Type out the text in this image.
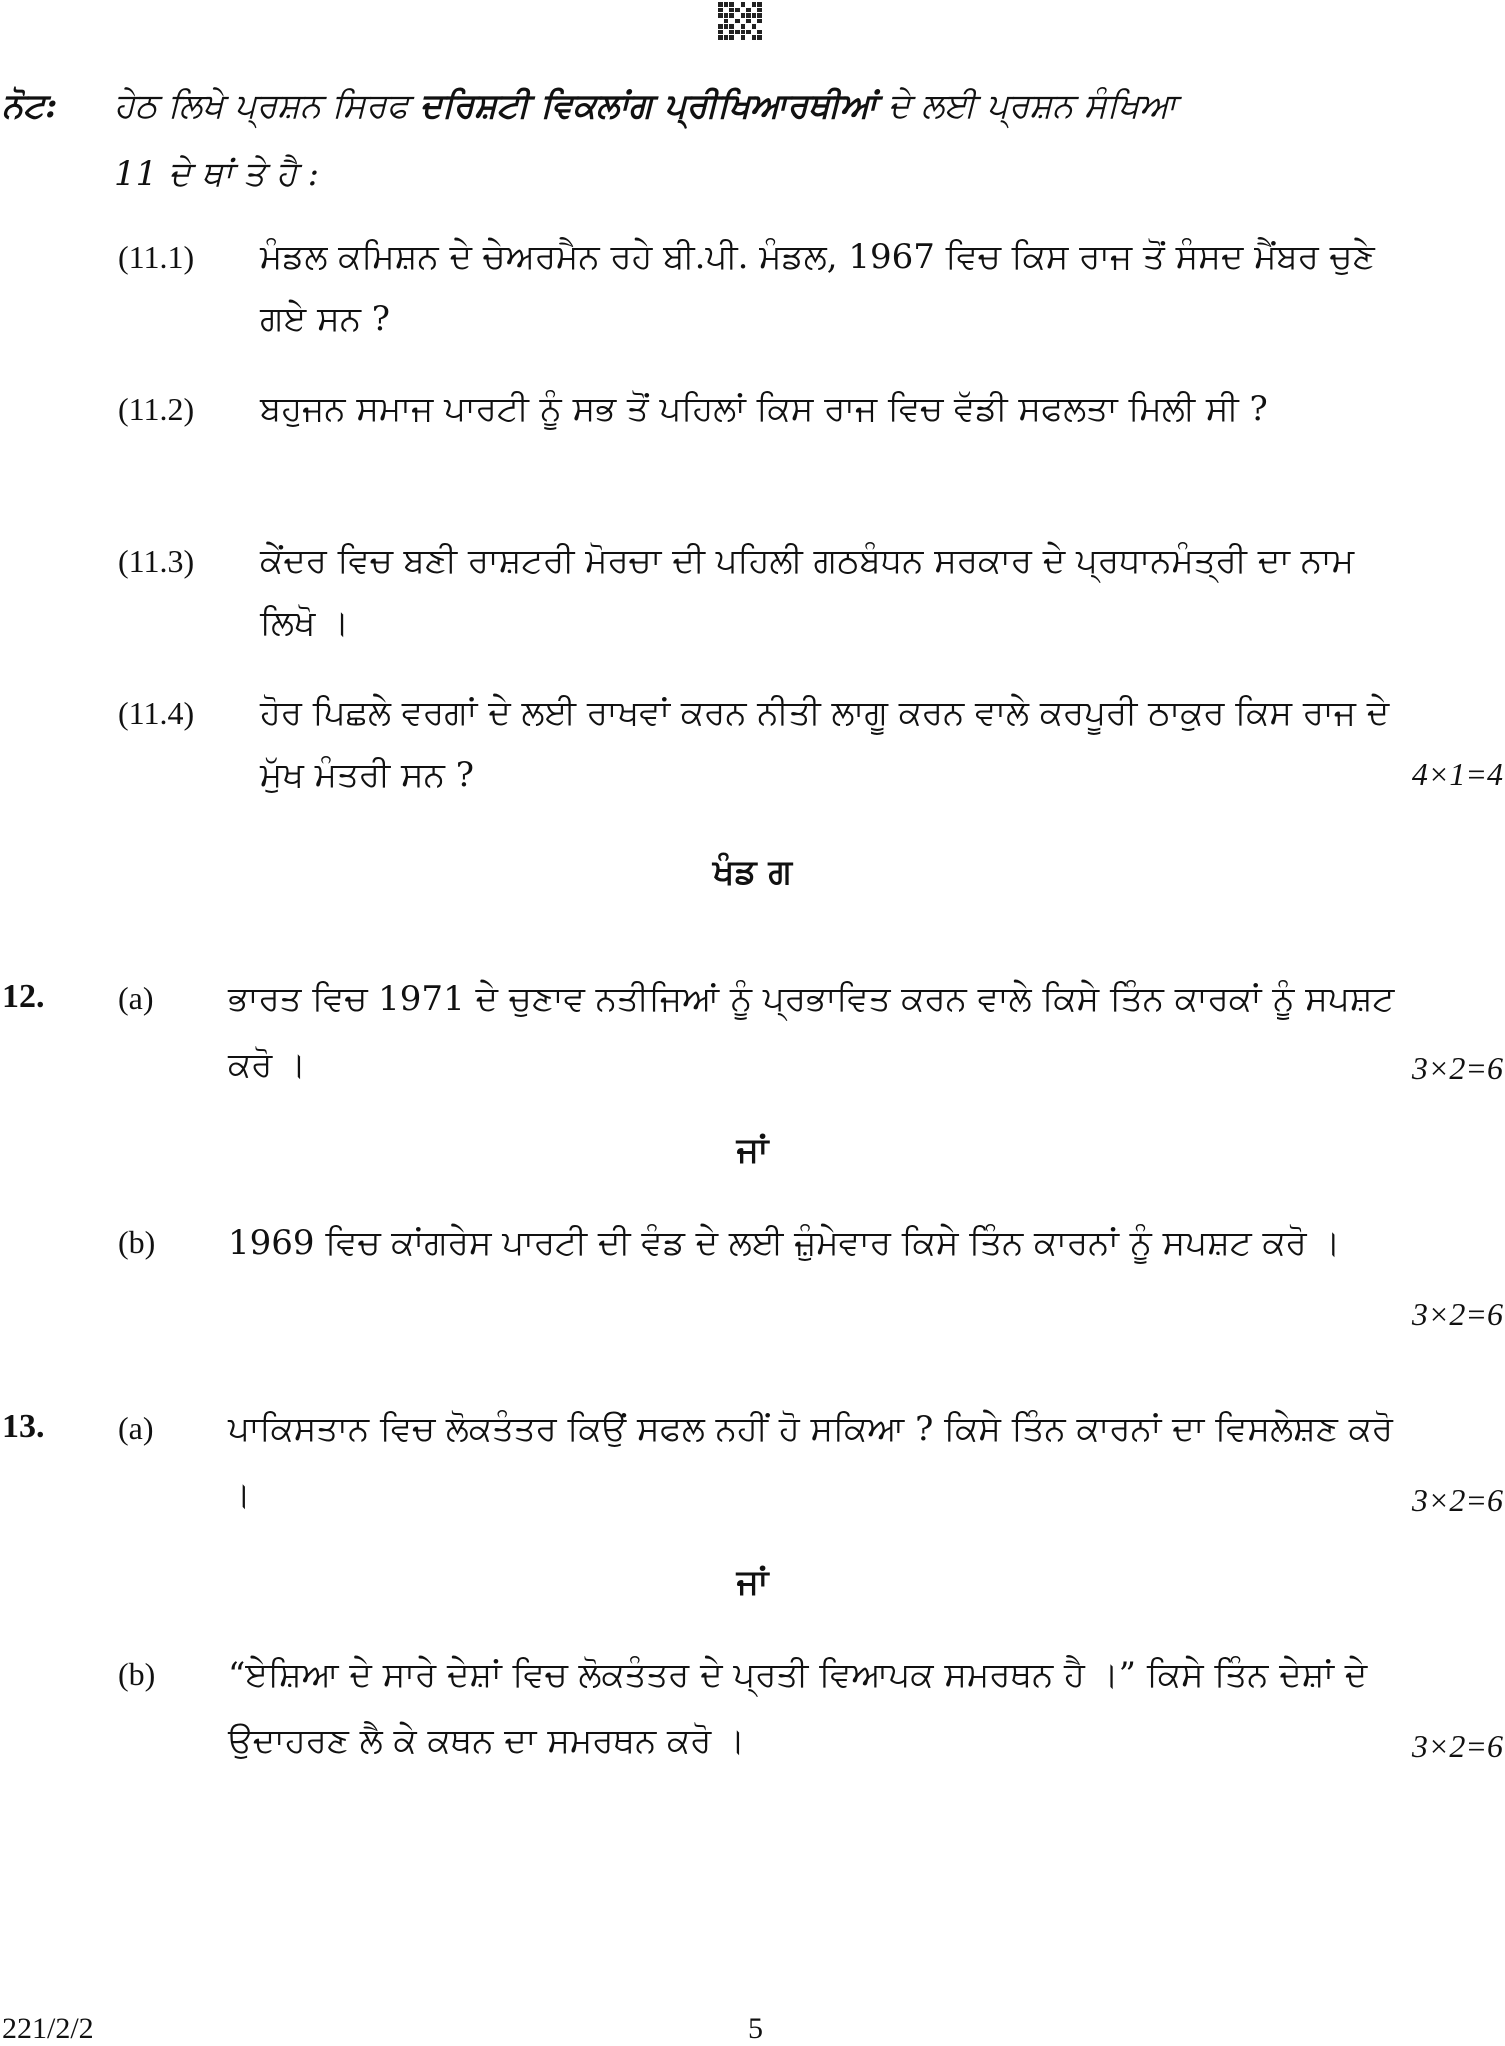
ਨੋਟ: ਹੇਠ ਲਿਖੇ ਪ੍ਰਸ਼ਨ ਸਿਰਫ ਦਰਿਸ਼ਟੀ ਵਿਕਲਾਂਗ ਪ੍ਰੀਖਿਆਰਥੀਆਂ ਦੇ ਲਈ ਪ੍ਰਸ਼ਨ ਸੰਖਿਆ
11 ਦੇ ਥਾਂ ਤੇ ਹੈ :
(11.1) ਮੰਡਲ ਕਮਿਸ਼ਨ ਦੇ ਚੇਅਰਮੈਨ ਰਹੇ ਬੀ.ਪੀ. ਮੰਡਲ, 1967 ਵਿਚ ਕਿਸ ਰਾਜ ਤੋਂ ਸੰਸਦ ਮੈਂਬਰ ਚੁਣੇ ਗਏ ਸਨ ?
(11.2) ਬਹੁਜਨ ਸਮਾਜ ਪਾਰਟੀ ਨੂੰ ਸਭ ਤੋਂ ਪਹਿਲਾਂ ਕਿਸ ਰਾਜ ਵਿਚ ਵੱਡੀ ਸਫਲਤਾ ਮਿਲੀ ਸੀ ?
(11.3) ਕੇਂਦਰ ਵਿਚ ਬਣੀ ਰਾਸ਼ਟਰੀ ਮੋਰਚਾ ਦੀ ਪਹਿਲੀ ਗਠਬੰਧਨ ਸਰਕਾਰ ਦੇ ਪ੍ਰਧਾਨਮੰਤ੍ਰੀ ਦਾ ਨਾਮ ਲਿਖੋ ।
(11.4) ਹੋਰ ਪਿਛਲੇ ਵਰਗਾਂ ਦੇ ਲਈ ਰਾਖਵਾਂ ਕਰਨ ਨੀਤੀ ਲਾਗੂ ਕਰਨ ਵਾਲੇ ਕਰਪੂਰੀ ਠਾਕੁਰ ਕਿਸ ਰਾਜ ਦੇ ਮੁੱਖ ਮੰਤਰੀ ਸਨ ?	4×1=4
ਖੰਡ ਗ
12. (a) ਭਾਰਤ ਵਿਚ 1971 ਦੇ ਚੁਣਾਵ ਨਤੀਜਿਆਂ ਨੂੰ ਪ੍ਰਭਾਵਿਤ ਕਰਨ ਵਾਲੇ ਕਿਸੇ ਤਿੰਨ ਕਾਰਕਾਂ ਨੂੰ ਸਪਸ਼ਟ ਕਰੋ ।	3×2=6
ਜਾਂ
(b) 1969 ਵਿਚ ਕਾਂਗਰੇਸ ਪਾਰਟੀ ਦੀ ਵੰਡ ਦੇ ਲਈ ਜ਼ੁੰਮੇਵਾਰ ਕਿਸੇ ਤਿੰਨ ਕਾਰਨਾਂ ਨੂੰ ਸਪਸ਼ਟ ਕਰੋ ।
3×2=6
13. (a) ਪਾਕਿਸਤਾਨ ਵਿਚ ਲੋਕਤੰਤਰ ਕਿਉਂ ਸਫਲ ਨਹੀਂ ਹੋ ਸਕਿਆ ? ਕਿਸੇ ਤਿੰਨ ਕਾਰਨਾਂ ਦਾ ਵਿਸਲੇਸ਼ਣ ਕਰੋ ।	3×2=6
ਜਾਂ
(b) “ਏਸ਼ਿਆ ਦੇ ਸਾਰੇ ਦੇਸ਼ਾਂ ਵਿਚ ਲੋਕਤੰਤਰ ਦੇ ਪ੍ਰਤੀ ਵਿਆਪਕ ਸਮਰਥਨ ਹੈ ।” ਕਿਸੇ ਤਿੰਨ ਦੇਸ਼ਾਂ ਦੇ ਉਦਾਹਰਣ ਲੈ ਕੇ ਕਥਨ ਦਾ ਸਮਰਥਨ ਕਰੋ ।	3×2=6
221/2/2	5
